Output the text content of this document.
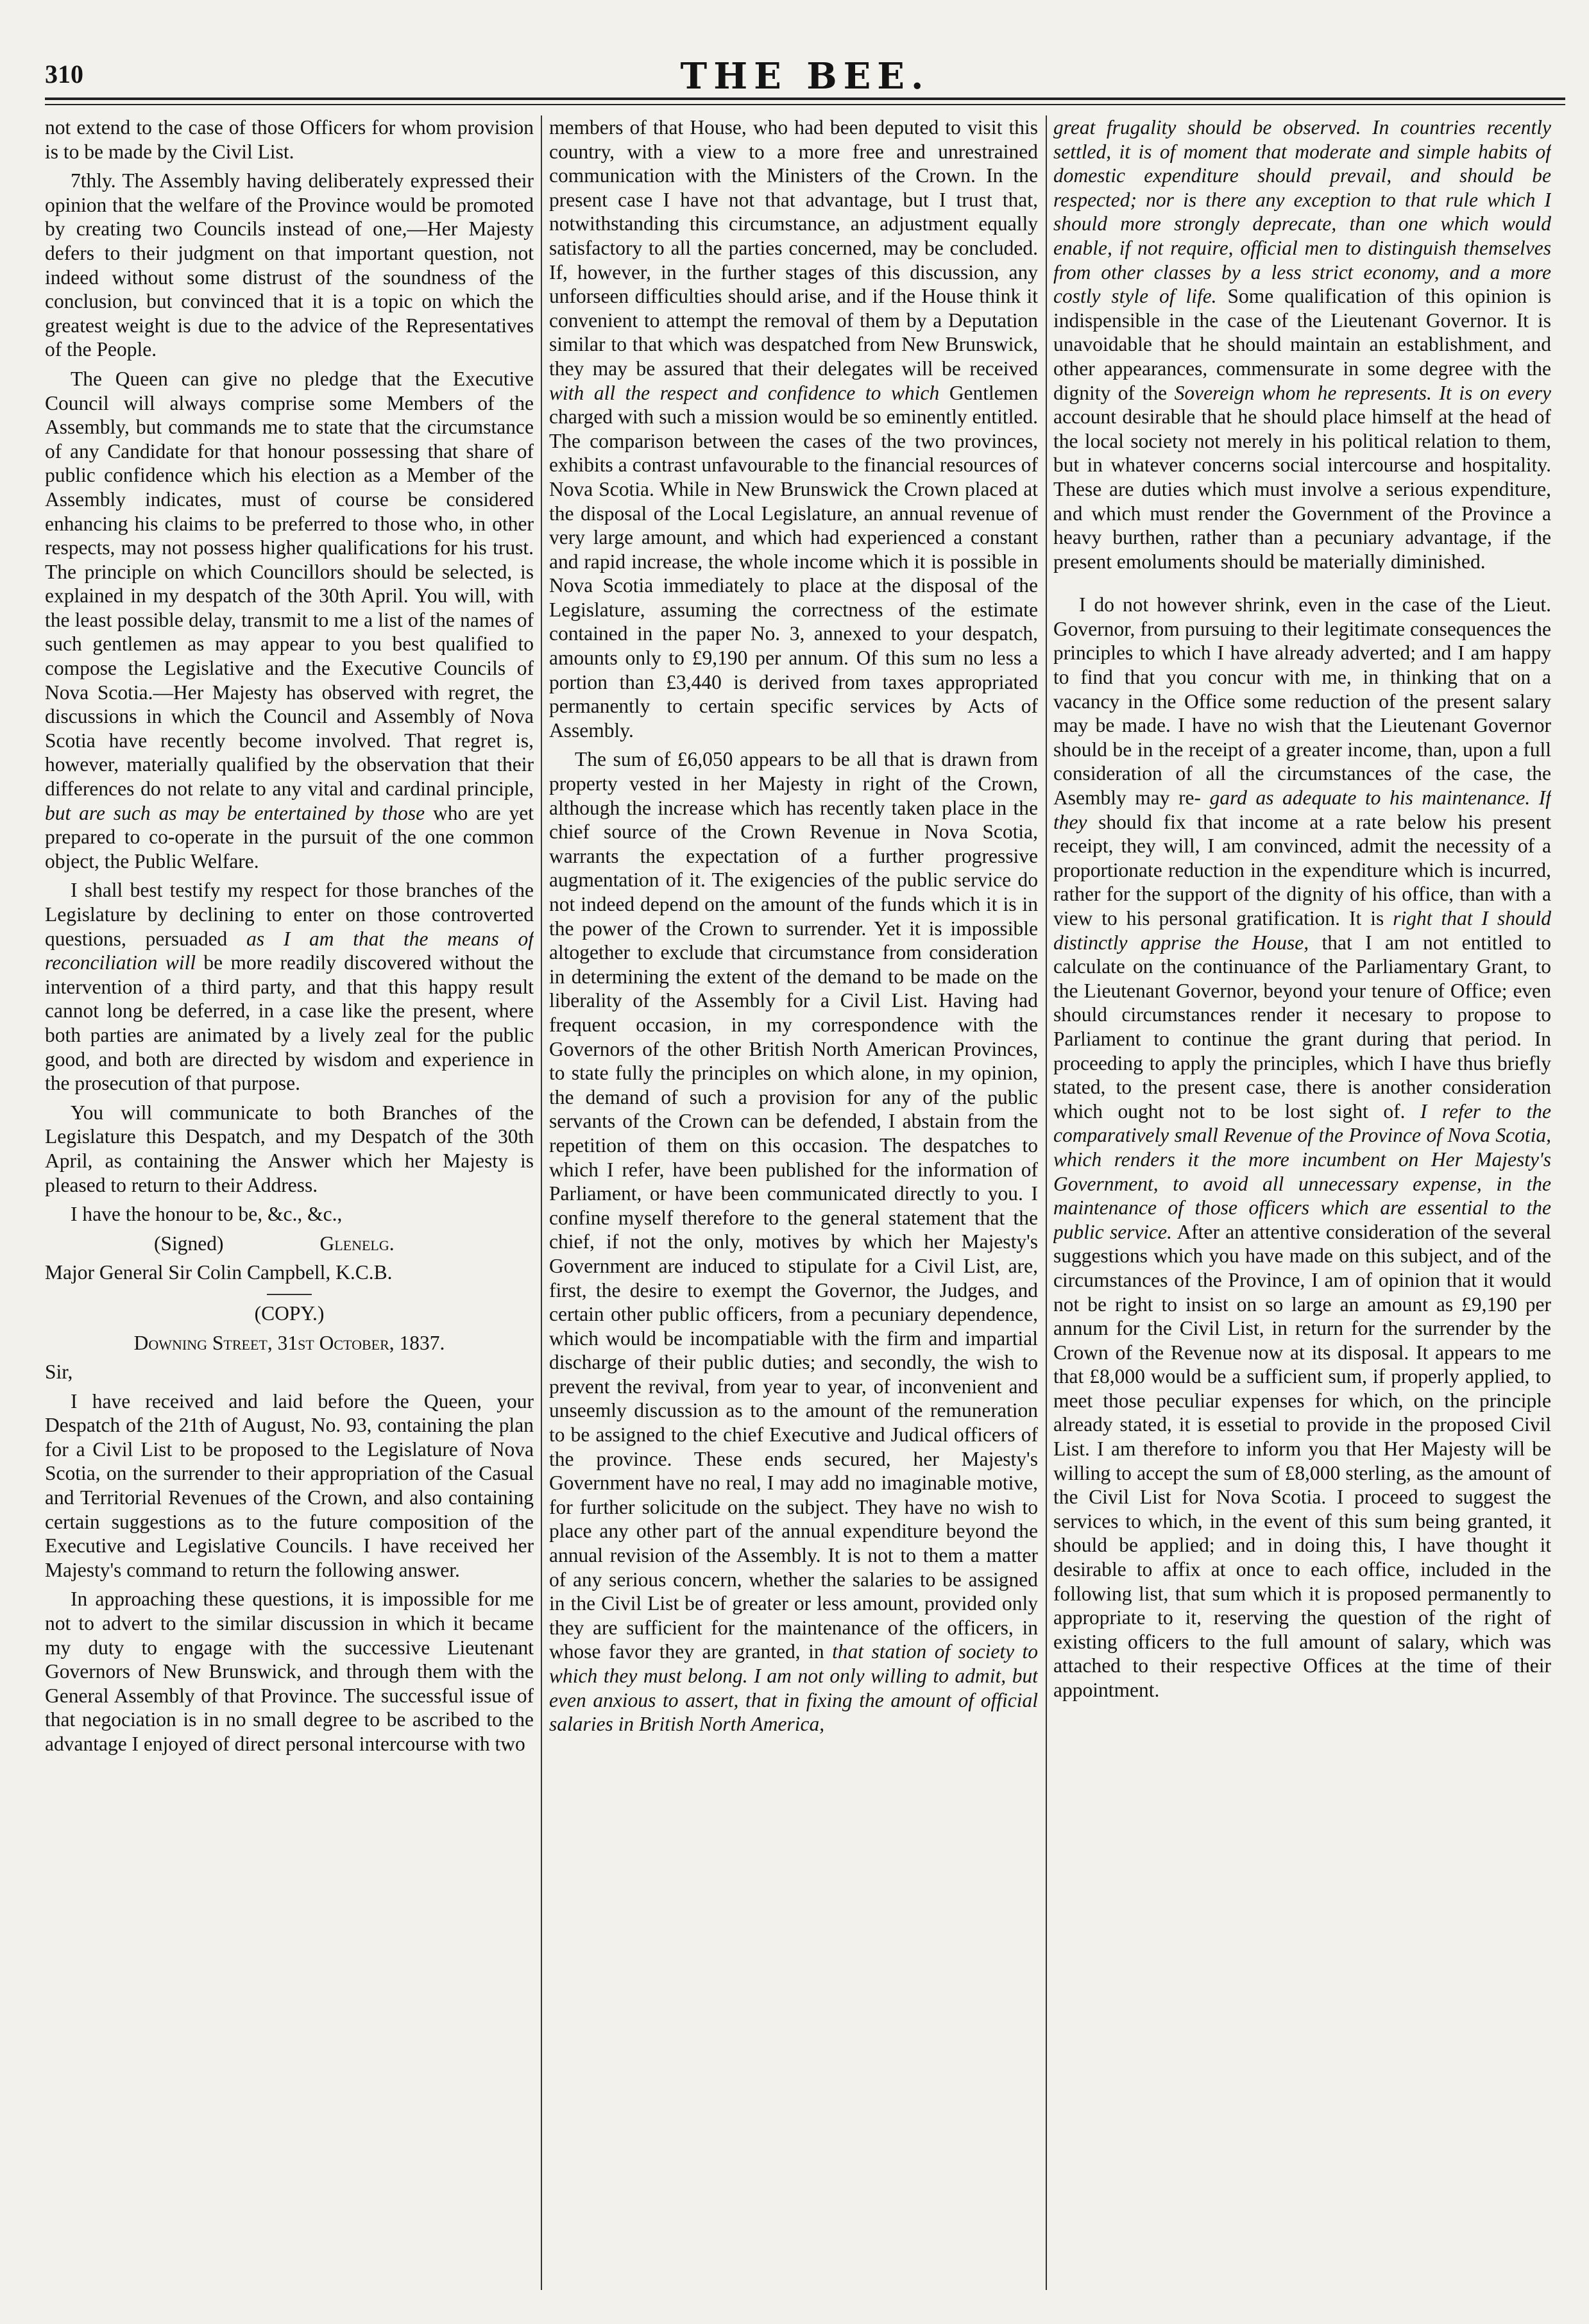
310	THE BEE.

not extend to the case of those Officers for whom provision is to be made by the Civil List.

7thly. The Assembly having deliberately expressed their opinion that the welfare of the Province would be promoted by creating two Councils instead of one,—Her Majesty defers to their judgment on that important question, not indeed without some distrust of the soundness of the conclusion, but convinced that it is a topic on which the greatest weight is due to the advice of the Representatives of the People.

The Queen can give no pledge that the Executive Council will always comprise some Members of the Assembly, but commands me to state that the circumstance of any Candidate for that honour possessing that share of public confidence which his election as a Member of the Assembly indicates, must of course be considered enhancing his claims to be preferred to those who, in other respects, may not possess higher qualifications for his trust. The principle on which Councillors should be selected, is explained in my despatch of the 30th April. You will, with the least possible delay, transmit to me a list of the names of such gentlemen as may appear to you best qualified to compose the Legislative and the Executive Councils of Nova Scotia.—Her Majesty has observed with regret, the discussions in which the Council and Assembly of Nova Scotia have recently become involved. That regret is, however, materially qualified by the observation that their differences do not relate to any vital and cardinal principle, but are such as may be entertained by those who are yet prepared to co-operate in the pursuit of the one common object, the Public Welfare.

I shall best testify my respect for those branches of the Legislature by declining to enter on those controverted questions, persuaded as I am that the means of reconciliation will be more readily discovered without the intervention of a third party, and that this happy result cannot long be deferred, in a case like the present, where both parties are animated by a lively zeal for the public good, and both are directed by wisdom and experience in the prosecution of that purpose.

You will communicate to both Branches of the Legislature this Despatch, and my Despatch of the 30th April, as containing the Answer which her Majesty is pleased to return to their Address.

I have the honour to be, &c., &c.,

(Signed)	Glenelg.

Major General Sir Colin Campbell, K.C.B.

(COPY.)

Downing Street, 31st October, 1837.

Sir,

I have received and laid before the Queen, your Despatch of the 21th of August, No. 93, containing the plan for a Civil List to be proposed to the Legislature of Nova Scotia, on the surrender to their appropriation of the Casual and Territorial Revenues of the Crown, and also containing certain suggestions as to the future composition of the Executive and Legislative Councils. I have received her Majesty's command to return the following answer.

In approaching these questions, it is impossible for me not to advert to the similar discussion in which it became my duty to engage with the successive Lieutenant Governors of New Brunswick, and through them with the General Assembly of that Province. The successful issue of that negociation is in no small degree to be ascribed to the advantage I enjoyed of direct personal intercourse with two

members of that House, who had been deputed to visit this country, with a view to a more free and unrestrained communication with the Ministers of the Crown. In the present case I have not that advantage, but I trust that, notwithstanding this circumstance, an adjustment equally satisfactory to all the parties concerned, may be concluded. If, however, in the further stages of this discussion, any unforseen difficulties should arise, and if the House think it convenient to attempt the removal of them by a Deputation similar to that which was despatched from New Brunswick, they may be assured that their delegates will be received with all the respect and confidence to which Gentlemen charged with such a mission would be so eminently entitled. The comparison between the cases of the two provinces, exhibits a contrast unfavourable to the financial resources of Nova Scotia. While in New Brunswick the Crown placed at the disposal of the Local Legislature, an annual revenue of very large amount, and which had experienced a constant and rapid increase, the whole income which it is possible in Nova Scotia immediately to place at the disposal of the Legislature, assuming the correctness of the estimate contained in the paper No. 3, annexed to your despatch, amounts only to £9,190 per annum. Of this sum no less a portion than £3,440 is derived from taxes appropriated permanently to certain specific services by Acts of Assembly.

The sum of £6,050 appears to be all that is drawn from property vested in her Majesty in right of the Crown, although the increase which has recently taken place in the chief source of the Crown Revenue in Nova Scotia, warrants the expectation of a further progressive augmentation of it. The exigencies of the public service do not indeed depend on the amount of the funds which it is in the power of the Crown to surrender. Yet it is impossible altogether to exclude that circumstance from consideration in determining the extent of the demand to be made on the liberality of the Assembly for a Civil List. Having had frequent occasion, in my correspondence with the Governors of the other British North American Provinces, to state fully the principles on which alone, in my opinion, the demand of such a provision for any of the public servants of the Crown can be defended, I abstain from the repetition of them on this occasion. The despatches to which I refer, have been published for the information of Parliament, or have been communicated directly to you. I confine myself therefore to the general statement that the chief, if not the only, motives by which her Majesty's Government are induced to stipulate for a Civil List, are, first, the desire to exempt the Governor, the Judges, and certain other public officers, from a pecuniary dependence, which would be incompatiable with the firm and impartial discharge of their public duties; and secondly, the wish to prevent the revival, from year to year, of inconvenient and unseemly discussion as to the amount of the remuneration to be assigned to the chief Executive and Judical officers of the province. These ends secured, her Majesty's Government have no real, I may add no imaginable motive, for further solicitude on the subject. They have no wish to place any other part of the annual expenditure beyond the annual revision of the Assembly. It is not to them a matter of any serious concern, whether the salaries to be assigned in the Civil List be of greater or less amount, provided only they are sufficient for the maintenance of the officers, in whose favor they are granted, in that station of society to which they must belong. I am not only willing to admit, but even anxious to assert, that in fixing the amount of official salaries in British North America,

great frugality should be observed. In countries recently settled, it is of moment that moderate and simple habits of domestic expenditure should prevail, and should be respected; nor is there any exception to that rule which I should more strongly deprecate, than one which would enable, if not require, official men to distinguish themselves from other classes by a less strict economy, and a more costly style of life. Some qualification of this opinion is indispensible in the case of the Lieutenant Governor. It is unavoidable that he should maintain an establishment, and other appearances, commensurate in some degree with the dignity of the Sovereign whom he represents. It is on every account desirable that he should place himself at the head of the local society not merely in his political relation to them, but in whatever concerns social intercourse and hospitality. These are duties which must involve a serious expenditure, and which must render the Government of the Province a heavy burthen, rather than a pecuniary advantage, if the present emoluments should be materially diminished.

I do not however shrink, even in the case of the Lieut. Governor, from pursuing to their legitimate consequences the principles to which I have already adverted; and I am happy to find that you concur with me, in thinking that on a vacancy in the Office some reduction of the present salary may be made. I have no wish that the Lieutenant Governor should be in the receipt of a greater income, than, upon a full consideration of all the circumstances of the case, the Asembly may re- gard as adequate to his maintenance. If they should fix that income at a rate below his present receipt, they will, I am convinced, admit the necessity of a proportionate reduction in the expenditure which is incurred, rather for the support of the dignity of his office, than with a view to his personal gratification. It is right that I should distinctly apprise the House, that I am not entitled to calculate on the continuance of the Parliamentary Grant, to the Lieutenant Governor, beyond your tenure of Office; even should circumstances render it necesary to propose to Parliament to continue the grant during that period. In proceeding to apply the principles, which I have thus briefly stated, to the present case, there is another consideration which ought not to be lost sight of. I refer to the comparatively small Revenue of the Province of Nova Scotia, which renders it the more incumbent on Her Majesty's Government, to avoid all unnecessary expense, in the maintenance of those officers which are essential to the public service. After an attentive consideration of the several suggestions which you have made on this subject, and of the circumstances of the Province, I am of opinion that it would not be right to insist on so large an amount as £9,190 per annum for the Civil List, in return for the surrender by the Crown of the Revenue now at its disposal. It appears to me that £8,000 would be a sufficient sum, if properly applied, to meet those peculiar expenses for which, on the principle already stated, it is essetial to provide in the proposed Civil List. I am therefore to inform you that Her Majesty will be willing to accept the sum of £8,000 sterling, as the amount of the Civil List for Nova Scotia. I proceed to suggest the services to which, in the event of this sum being granted, it should be applied; and in doing this, I have thought it desirable to affix at once to each office, included in the following list, that sum which it is proposed permanently to appropriate to it, reserving the question of the right of existing officers to the full amount of salary, which was attached to their respective Offices at the time of their appointment.
